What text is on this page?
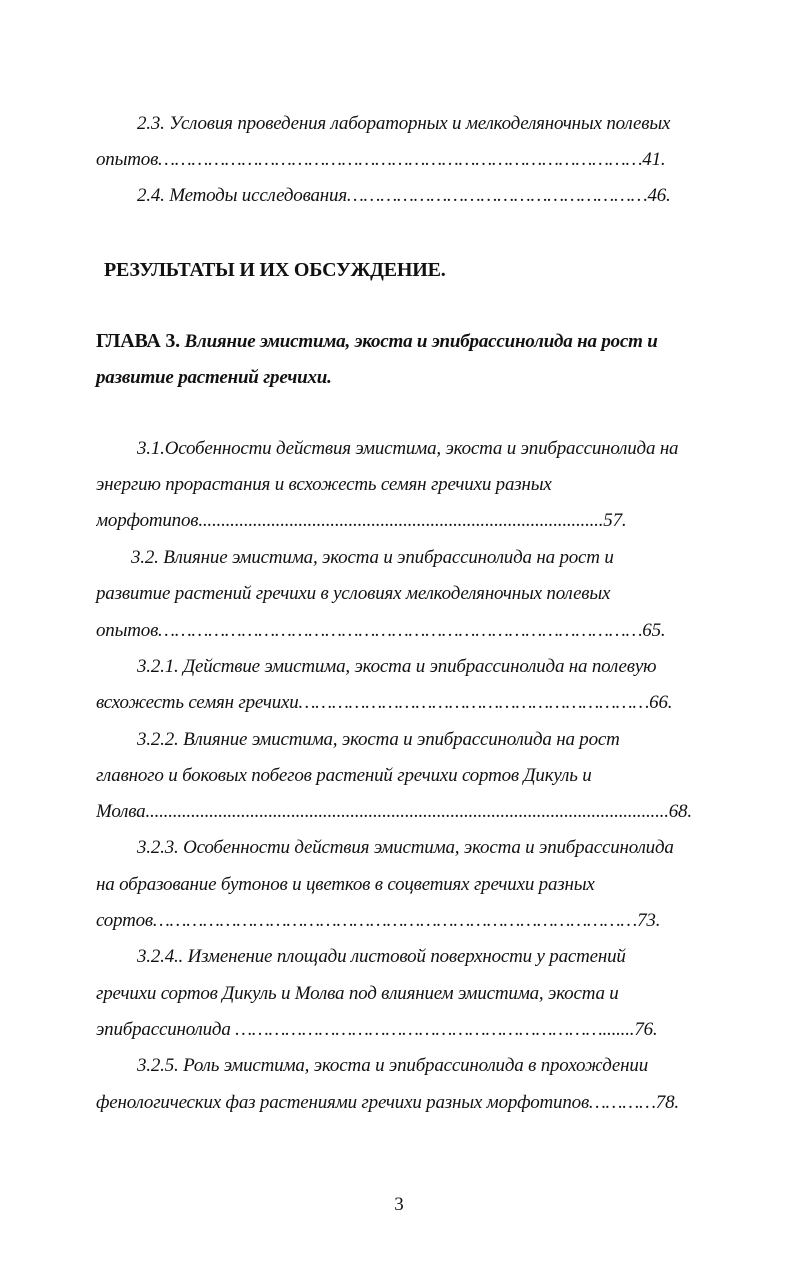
2.3. Условия проведения лабораторных и мелкоделяночных полевых
опытов……………………………………………………………………………41.
2.4. Методы исследования………………………………………………46.
РЕЗУЛЬТАТЫ И ИХ ОБСУЖДЕНИЕ.
ГЛАВА 3. Влияние эмистима, экоста и эпибрассинолида на рост и
развитие растений гречихи.
3.1.Особенности действия эмистима, экоста и эпибрассинолида на
энергию прорастания и всхожесть семян гречихи разных
морфотипов.........................................................................................57.
3.2. Влияние эмистима, экоста и эпибрассинолида на рост и
развитие растений гречихи в условиях мелкоделяночных полевых
опытов……………………………………………………………………………65.
3.2.1. Действие эмистима, экоста и эпибрассинолида на полевую
всхожесть семян гречихи………………………………………………………66.
3.2.2. Влияние эмистима, экоста и эпибрассинолида на рост
главного и боковых побегов растений гречихи сортов Дикуль и
Молва...................................................................................................................68.
3.2.3. Особенности действия эмистима, экоста и эпибрассинолида
на образование бутонов и цветков в соцветиях гречихи разных
сортов……………………………………………………………………………73.
3.2.4.. Изменение площади листовой поверхности у растений
гречихи сортов Дикуль и Молва под влиянием эмистима, экоста и
эпибрассинолида ………………………………………………………….......76.
3.2.5. Роль эмистима, экоста и эпибрассинолида в прохождении
фенологических фаз растениями гречихи разных морфотипов…………78.
3
